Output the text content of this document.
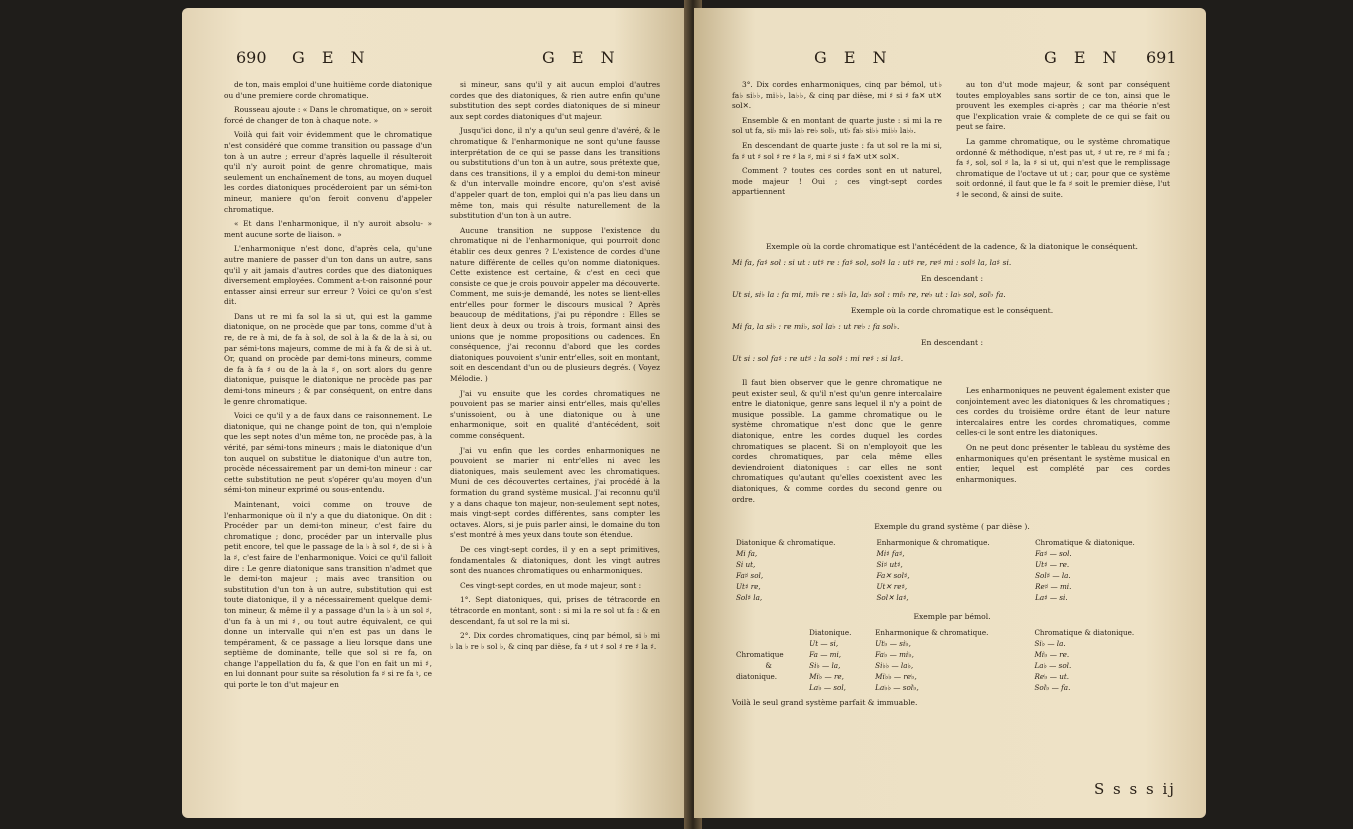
690 G E N	G E N

de ton, mais emploi d'une huitième corde diatonique ou d'une premiere corde chromatique.

Rousseau ajoute : « Dans le chromatique, on » seroit forcé de changer de ton à chaque note. »

Voilà qui fait voir évidemment que le chromatique n'est considéré que comme transition ou passage d'un ton à un autre ; erreur d'après laquelle il résulteroit qu'il n'y auroit point de genre chromatique, mais seulement un enchaînement de tons, au moyen duquel les cordes diatoniques procéderoient par un sémi-ton mineur, maniere qu'on feroit convenu d'appeler chromatique.

« Et dans l'enharmonique, il n'y auroit absolu- » ment aucune sorte de liaison. »

L'enharmonique n'est donc, d'après cela, qu'une autre maniere de passer d'un ton dans un autre, sans qu'il y ait jamais d'autres cordes que des diatoniques diversement employées. Comment a-t-on raisonné pour entasser ainsi erreur sur erreur ? Voici ce qu'on s'est dit.

Dans ut re mi fa sol la si ut, qui est la gamme diatonique, on ne procède que par tons, comme d'ut à re, de re à mi, de fa à sol, de sol à la & de la à si, ou par sémi-tons majeurs, comme de mi à fa & de si à ut. Or, quand on procède par demi-tons mineurs, comme de fa à fa ♯ ou de la à la ♯, on sort alors du genre diatonique, puisque le diatonique ne procède pas par demi-tons mineurs ; & par conséquent, on entre dans le genre chromatique.

Voici ce qu'il y a de faux dans ce raisonnement. Le diatonique, qui ne change point de ton, qui n'emploie que les sept notes d'un même ton, ne procède pas, à la vérité, par sémi-tons mineurs ; mais le diatonique d'un ton auquel on substitue le diatonique d'un autre ton, procède nécessairement par un demi-ton mineur : car cette substitution ne peut s'opérer qu'au moyen d'un sémi-ton mineur exprimé ou sous-entendu.

Maintenant, voici comme on trouve de l'enharmonique où il n'y a que du diatonique. On dit : Procéder par un demi-ton mineur, c'est faire du chromatique ; donc, procéder par un intervalle plus petit encore, tel que le passage de la ♭ à sol ♯, de si ♭ à la ♯, c'est faire de l'enharmonique. Voici ce qu'il falloit dire : Le genre diatonique sans transition n'admet que le demi-ton majeur ; mais avec transition ou substitution d'un ton à un autre, substitution qui est toute diatonique, il y a nécessairement quelque demi-ton mineur, & même il y a passage d'un la ♭ à un sol ♯, d'un fa à un mi ♯, ou tout autre équivalent, ce qui donne un intervalle qui n'en est pas un dans le tempérament, & ce passage a lieu lorsque dans une septième de dominante, telle que sol si re fa, on change l'appellation du fa, & que l'on en fait un mi ♯, en lui donnant pour suite sa résolution fa ♯ si re fa ♮, ce qui porte le ton d'ut majeur en

si mineur, sans qu'il y ait aucun emploi d'autres cordes que des diatoniques, & rien autre enfin qu'une substitution des sept cordes diatoniques de si mineur aux sept cordes diatoniques d'ut majeur.

Jusqu'ici donc, il n'y a qu'un seul genre d'avéré, & le chromatique & l'enharmonique ne sont qu'une fausse interprétation de ce qui se passe dans les transitions ou substitutions d'un ton à un autre, sous prétexte que, dans ces transitions, il y a emploi du demi-ton mineur & d'un intervalle moindre encore, qu'on s'est avisé d'appeler quart de ton, emploi qui n'a pas lieu dans un même ton, mais qui résulte naturellement de la substitution d'un ton à un autre.

Aucune transition ne suppose l'existence du chromatique ni de l'enharmonique, qui pourroit donc établir ces deux genres ? L'existence de cordes d'une nature différente de celles qu'on nomme diatoniques. Cette existence est certaine, & c'est en ceci que consiste ce que je crois pouvoir appeler ma découverte. Comment, me suis-je demandé, les notes se lient-elles entr'elles pour former le discours musical ? Après beaucoup de méditations, j'ai pu répondre : Elles se lient deux à deux ou trois à trois, formant ainsi des unions que je nomme propositions ou cadences. En conséquence, j'ai reconnu d'abord que les cordes diatoniques pouvoient s'unir entr'elles, soit en montant, soit en descendant d'un ou de plusieurs degrés. ( Voyez Mélodie. )

J'ai vu ensuite que les cordes chromatiques ne pouvoient pas se marier ainsi entr'elles, mais qu'elles s'unissoient, ou à une diatonique ou à une enharmonique, soit en qualité d'antécédent, soit comme conséquent.

J'ai vu enfin que les cordes enharmoniques ne pouvoient se marier ni entr'elles ni avec les diatoniques, mais seulement avec les chromatiques. Muni de ces découvertes certaines, j'ai procédé à la formation du grand système musical. J'ai reconnu qu'il y a dans chaque ton majeur, non-seulement sept notes, mais vingt-sept cordes différentes, sans compter les octaves. Alors, si je puis parler ainsi, le domaine du ton s'est montré à mes yeux dans toute son étendue.

De ces vingt-sept cordes, il y en a sept primitives, fondamentales & diatoniques, dont les vingt autres sont des nuances chromatiques ou enharmoniques.

Ces vingt-sept cordes, en ut mode majeur, sont :

1°. Sept diatoniques, qui, prises de tétracorde en tétracorde en montant, sont : si mi la re sol ut fa : & en descendant, fa ut sol re la mi si.

2°. Dix cordes chromatiques, cinq par bémol, si ♭ mi ♭ la ♭ re ♭ sol ♭, & cinq par dièse, fa ♯ ut ♯ sol ♯ re ♯ la ♯.

G E N	G E N 691

3°. Dix cordes enharmoniques, cinq par bémol, ut♭ fa♭ si♭♭, mi♭♭, la♭♭, & cinq par dièse, mi ♯ si ♯ fa✕ ut✕ sol✕.

Ensemble & en montant de quarte juste : si mi la re sol ut fa, si♭ mi♭ la♭ re♭ sol♭, ut♭ fa♭ si♭♭ mi♭♭ la♭♭.

En descendant de quarte juste : fa ut sol re la mi si, fa ♯ ut ♯ sol ♯ re ♯ la ♯, mi ♯ si ♯ fa✕ ut✕ sol✕.

Comment ? toutes ces cordes sont en ut naturel, mode majeur ! Oui ; ces vingt-sept cordes appartiennent

au ton d'ut mode majeur, & sont par conséquent toutes employables sans sortir de ce ton, ainsi que le prouvent les exemples ci-après ; car ma théorie n'est que l'explication vraie & complete de ce qui se fait ou peut se faire.

La gamme chromatique, ou le système chromatique ordonné & méthodique, n'est pas ut, ♯ ut re, re ♯ mi fa ; fa ♯, sol, sol ♯ la, la ♯ si ut, qui n'est que le remplissage chromatique de l'octave ut ut ; car, pour que ce système soit ordonné, il faut que le fa ♯ soit le premier dièse, l'ut ♯ le second, & ainsi de suite.

Exemple où la corde chromatique est l'antécédent de la cadence, & la diatonique le conséquent.
Mi fa, fa♯ sol : si ut : ut♯ re : fa♯ sol, sol♯ la : ut♯ re, re♯ mi : sol♯ la, la♯ si.
En descendant :
Ut si, si♭ la : fa mi, mi♭ re : si♭ la, la♭ sol : mi♭ re, re♭ ut : la♭ sol, sol♭ fa.
Exemple où la corde chromatique est le conséquent.
Mi fa, la si♭ : re mi♭, sol la♭ : ut re♭ : fa sol♭.
En descendant :
Ut si : sol fa♯ : re ut♯ : la sol♯ : mi re♯ : si la♯.

Il faut bien observer que le genre chromatique ne peut exister seul, & qu'il n'est qu'un genre intercalaire entre le diatonique, genre sans lequel il n'y a point de musique possible. La gamme chromatique ou le système chromatique n'est donc que le genre diatonique, entre les cordes duquel les cordes chromatiques se placent. Si on n'employoit que les cordes chromatiques, par cela même elles deviendroient diatoniques : car elles ne sont chromatiques qu'autant qu'elles coexistent avec les diatoniques, & comme cordes du second genre ou ordre.

Les enharmoniques ne peuvent également exister que conjointement avec les diatoniques & les chromatiques ; ces cordes du troisième ordre étant de leur nature intercalaires entre les cordes chromatiques, comme celles-ci le sont entre les diatoniques.

On ne peut donc présenter le tableau du système des enharmoniques qu'en présentant le système musical en entier, lequel est complété par ces cordes enharmoniques.

Exemple du grand système ( par dièse ).
Diatonique & chromatique.	Enharmonique & chromatique.	Chromatique & diatonique.
Mi fa,	Mi♯ fa♯,	Fa♯ — sol.
Si ut,	Si♯ ut♯,	Ut♯ — re.
Fa♯ sol,	Fa✕ sol♯,	Sol♯ — la.
Ut♯ re,	Ut✕ re♯,	Re♯ — mi.
Sol♯ la,	Sol✕ la♯,	La♯ — si.
Exemple par bémol.
	Diatonique.	Enharmonique & chromatique.	Chromatique & diatonique.

Chromatique
&
diatonique.	Ut — si,	Ut♭ — si♭,	Si♭ — la.
	Fa — mi,	Fa♭ — mi♭,	Mi♭ — re.
	Si♭ — la,	Si♭♭ — la♭,	La♭ — sol.
	Mi♭ — re,	Mi♭♭ — re♭,	Re♭ — ut.
	La♭ — sol,	La♭♭ — sol♭,	Sol♭ — fa.
Voilà le seul grand système parfait & immuable.
S s s s ij
